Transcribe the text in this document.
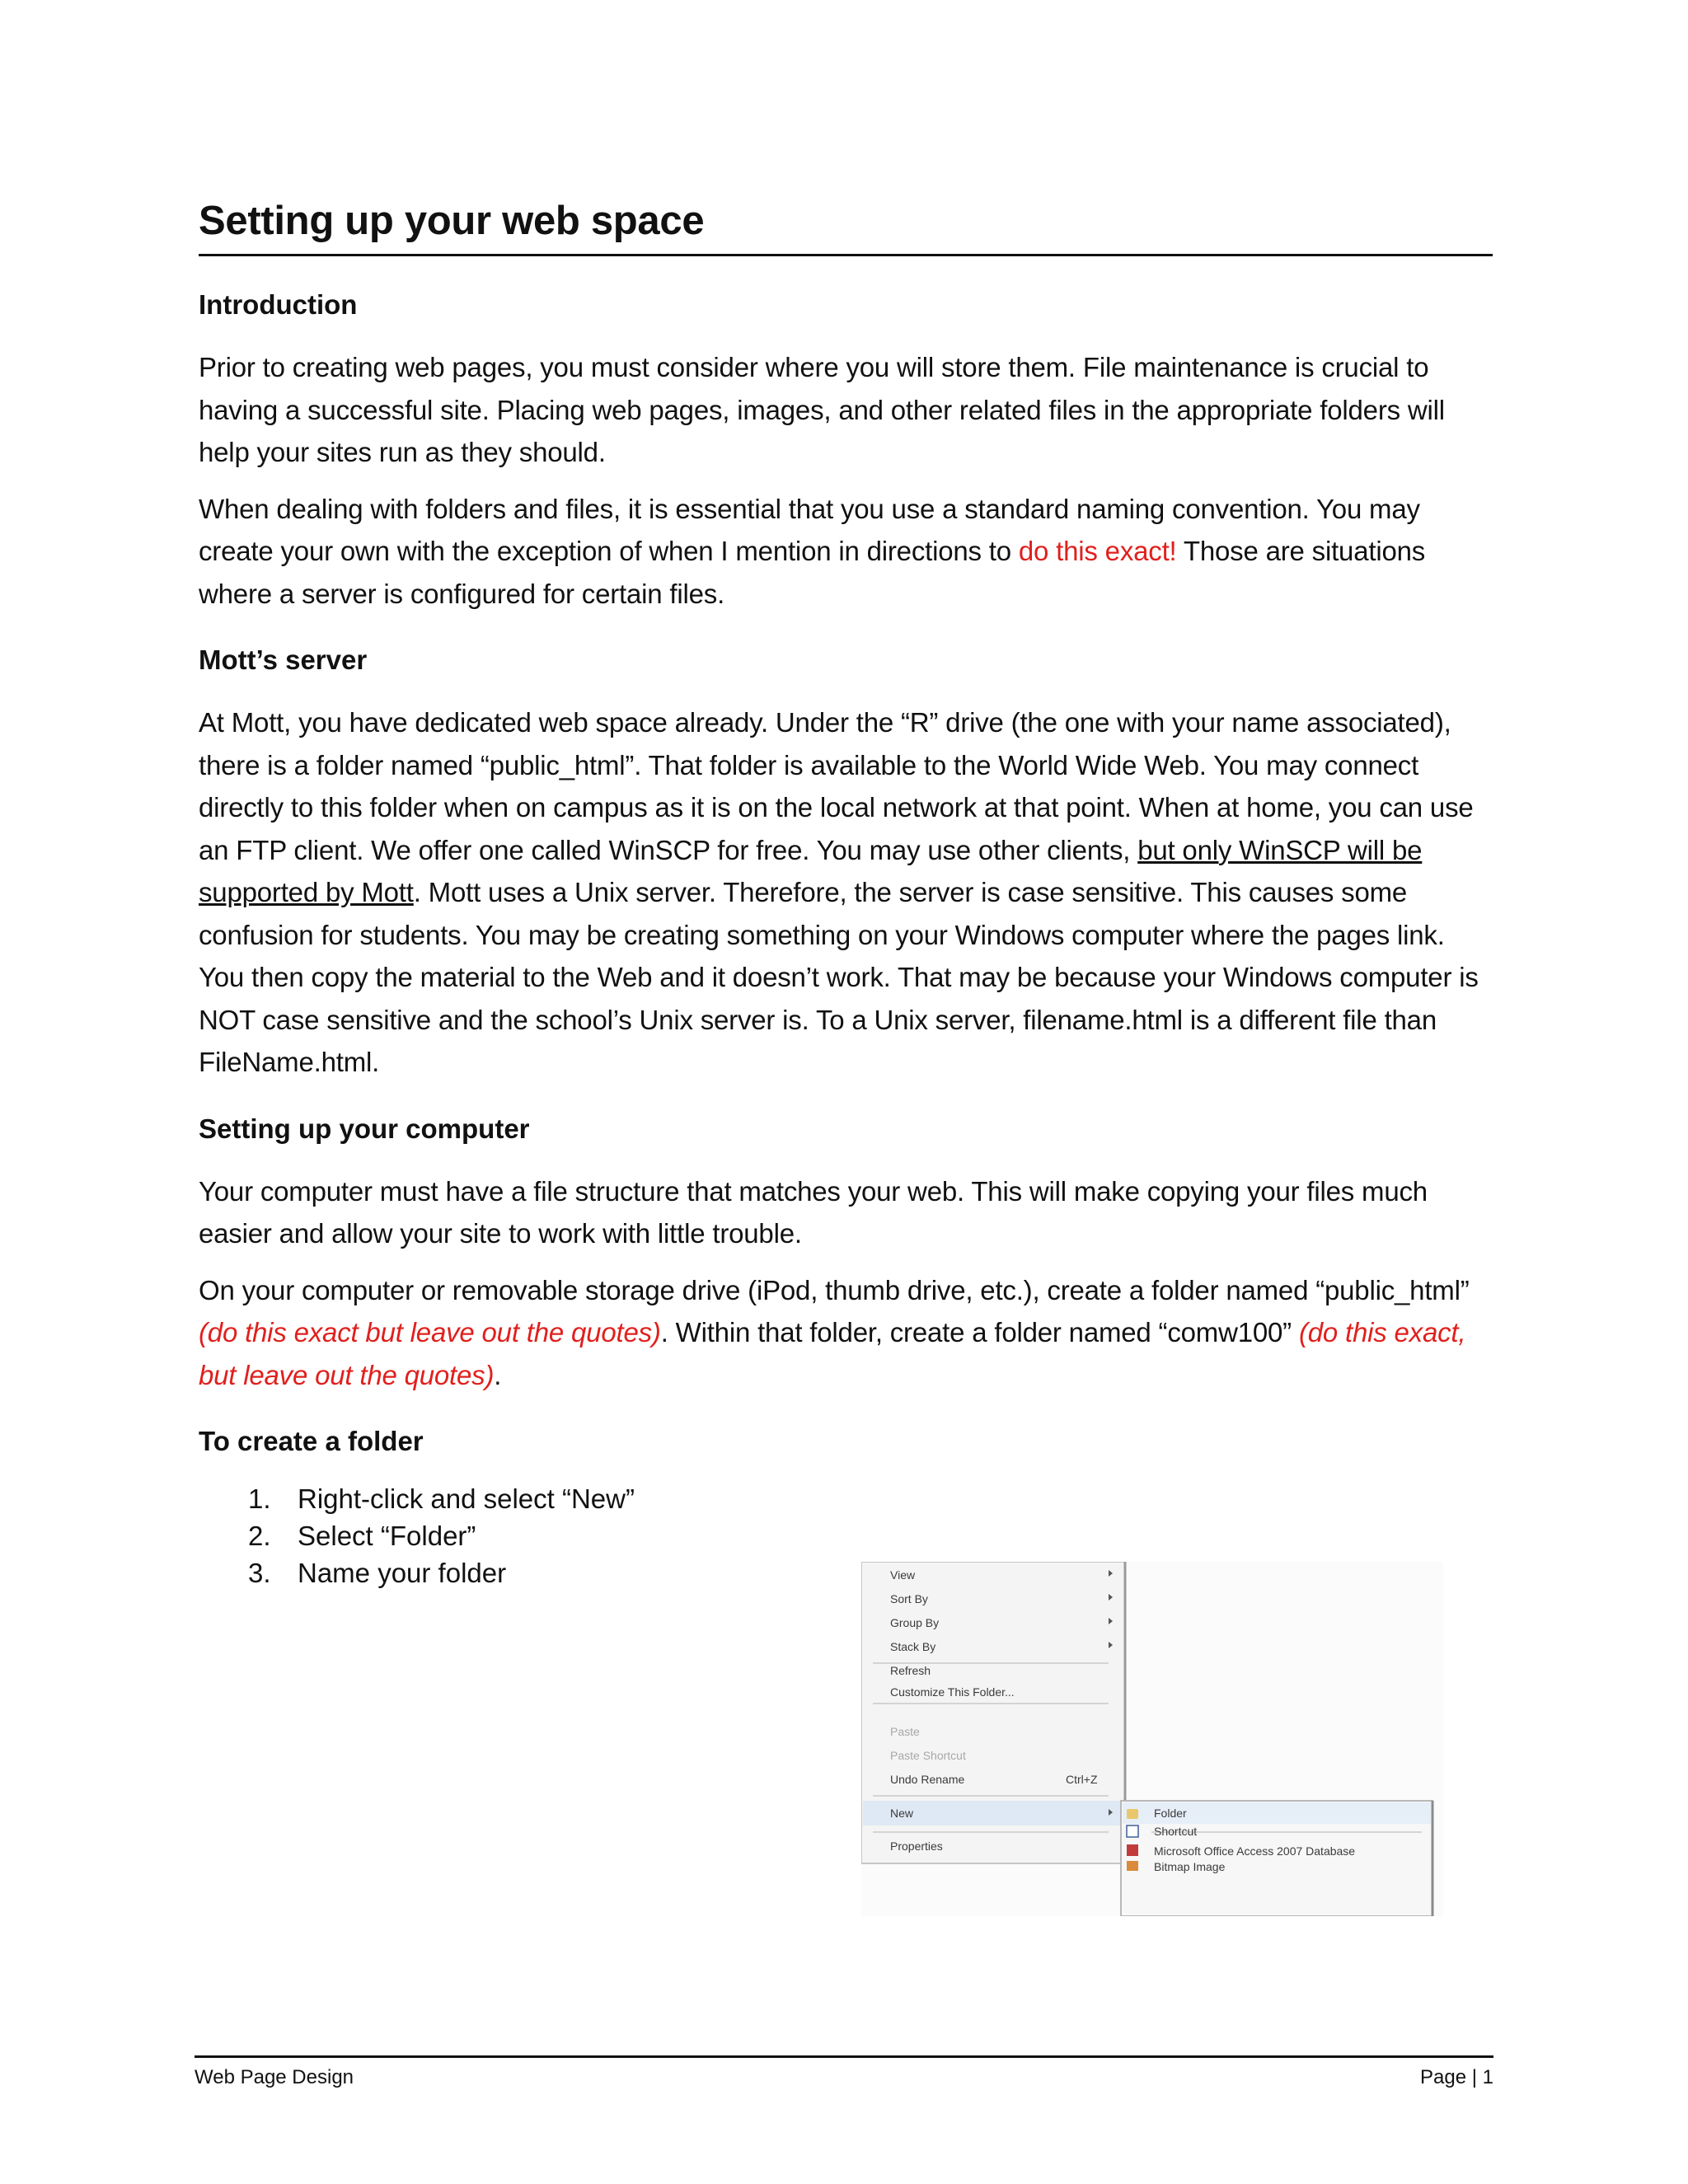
Setting up your web space
Introduction

Prior to creating web pages, you must consider where you will store them. File maintenance is crucial to having a successful site. Placing web pages, images, and other related files in the appropriate folders will help your sites run as they should.

When dealing with folders and files, it is essential that you use a standard naming convention. You may create your own with the exception of when I mention in directions to do this exact! Those are situations where a server is configured for certain files.

Mott’s server

At Mott, you have dedicated web space already. Under the “R” drive (the one with your name associated), there is a folder named “public_html”. That folder is available to the World Wide Web. You may connect directly to this folder when on campus as it is on the local network at that point. When at home, you can use an FTP client. We offer one called WinSCP for free. You may use other clients, but only WinSCP will be supported by Mott. Mott uses a Unix server. Therefore, the server is case sensitive. This causes some confusion for students. You may be creating something on your Windows computer where the pages link. You then copy the material to the Web and it doesn’t work. That may be because your Windows computer is NOT case sensitive and the school’s Unix server is. To a Unix server, filename.html is a different file than FileName.html.

Setting up your computer

Your computer must have a file structure that matches your web. This will make copying your files much easier and allow your site to work with little trouble.

On your computer or removable storage drive (iPod, thumb drive, etc.), create a folder named “public_html” (do this exact but leave out the quotes). Within that folder, create a folder named “comw100” (do this exact, but leave out the quotes).

To create a folder
1. Right-click and select “New”
2. Select “Folder”
3. Name your folder	View
Sort By
Group By
Stack By
Refresh
Customize This Folder...
Paste
Paste Shortcut
Undo Rename	Ctrl+Z
New
Properties
Folder
Shortcut
Microsoft Office Access 2007 Database
Bitmap Image
Web Page Design	Page | 1
